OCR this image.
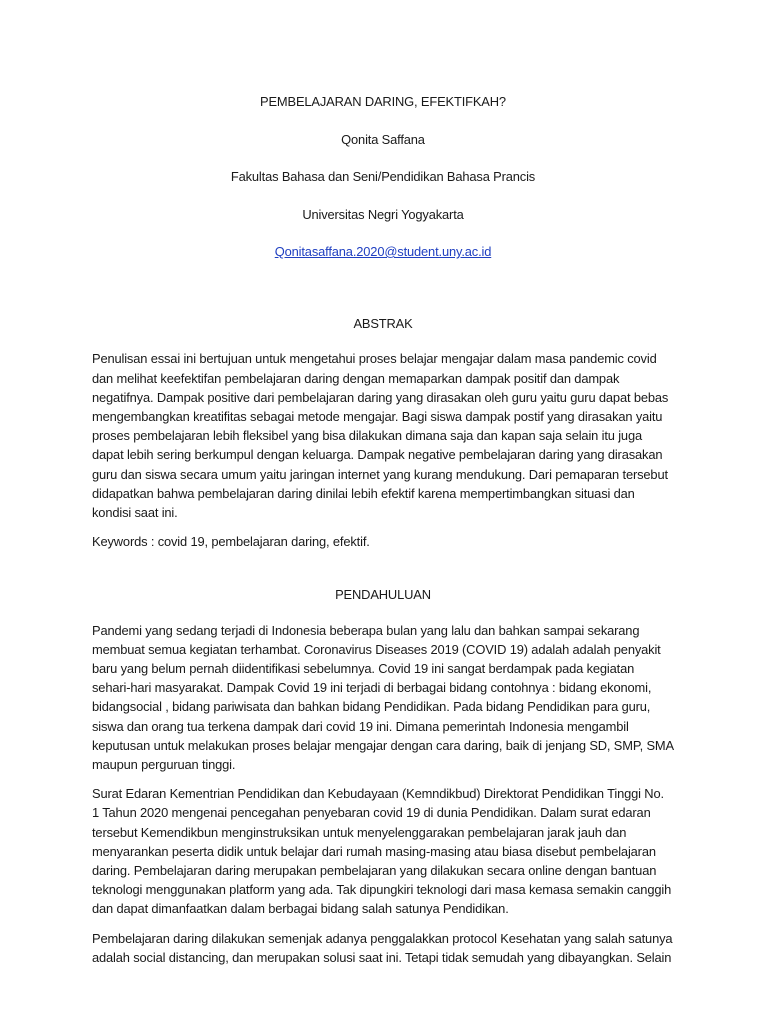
PEMBELAJARAN DARING, EFEKTIFKAH?
Qonita Saffana
Fakultas Bahasa dan Seni/Pendidikan Bahasa Prancis
Universitas Negri Yogyakarta
Qonitasaffana.2020@student.uny.ac.id
ABSTRAK

Penulisan essai ini bertujuan untuk mengetahui proses belajar mengajar dalam masa pandemic covid dan melihat keefektifan pembelajaran daring dengan memaparkan dampak positif dan dampak negatifnya. Dampak positive dari pembelajaran daring yang dirasakan oleh guru yaitu guru dapat bebas mengembangkan kreatifitas sebagai metode mengajar. Bagi siswa dampak postif yang dirasakan yaitu proses pembelajaran lebih fleksibel yang bisa dilakukan dimana saja dan kapan saja selain itu juga dapat lebih sering berkumpul dengan keluarga. Dampak negative pembelajaran daring yang dirasakan guru dan siswa secara umum yaitu jaringan internet yang kurang mendukung. Dari pemaparan tersebut didapatkan bahwa pembelajaran daring dinilai lebih efektif karena mempertimbangkan situasi dan kondisi saat ini.

Keywords : covid 19, pembelajaran daring, efektif.

PENDAHULUAN

Pandemi yang sedang terjadi di Indonesia beberapa bulan yang lalu dan bahkan sampai sekarang membuat semua kegiatan terhambat. Coronavirus Diseases 2019 (COVID 19) adalah adalah penyakit baru yang belum pernah diidentifikasi sebelumnya. Covid 19 ini sangat berdampak pada kegiatan sehari-hari masyarakat. Dampak Covid 19 ini terjadi di berbagai bidang contohnya : bidang ekonomi, bidangsocial , bidang pariwisata dan bahkan bidang Pendidikan. Pada bidang Pendidikan para guru, siswa dan orang tua terkena dampak dari covid 19 ini. Dimana pemerintah Indonesia mengambil keputusan untuk melakukan proses belajar mengajar dengan cara daring, baik di jenjang SD, SMP, SMA maupun perguruan tinggi.

Surat Edaran Kementrian Pendidikan dan Kebudayaan (Kemndikbud) Direktorat Pendidikan Tinggi No. 1 Tahun 2020 mengenai pencegahan penyebaran covid 19 di dunia Pendidikan. Dalam surat edaran tersebut Kemendikbun menginstruksikan untuk menyelenggarakan pembelajaran jarak jauh dan menyarankan peserta didik untuk belajar dari rumah masing-masing atau biasa disebut pembelajaran daring. Pembelajaran daring merupakan pembelajaran yang dilakukan secara online dengan bantuan teknologi menggunakan platform yang ada. Tak dipungkiri teknologi dari masa kemasa semakin canggih dan dapat dimanfaatkan dalam berbagai bidang salah satunya Pendidikan.

Pembelajaran daring dilakukan semenjak adanya penggalakkan protocol Kesehatan yang salah satunya adalah social distancing, dan merupakan solusi saat ini. Tetapi tidak semudah yang dibayangkan. Selain
